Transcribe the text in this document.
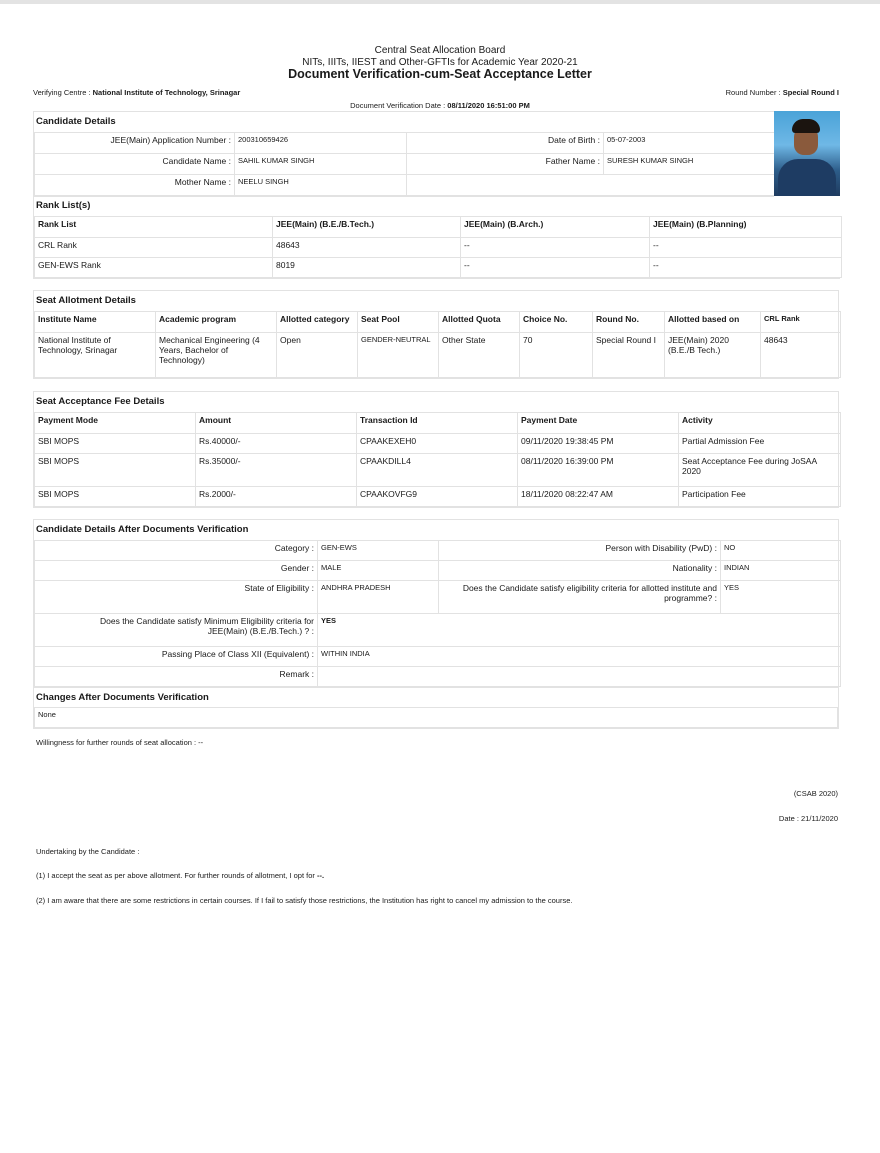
Central Seat Allocation Board
NITs, IIITs, IIEST and Other-GFTIs for Academic Year 2020-21
Document Verification-cum-Seat Acceptance Letter
Verifying Centre : National Institute of Technology, Srinagar	Round Number : Special Round I
Document Verification Date : 08/11/2020 16:51:00 PM
Candidate Details
JEE(Main) Application Number :	200310659426	Date of Birth :	05-07-2003
Candidate Name :	SAHIL KUMAR SINGH	Father Name :	SURESH KUMAR SINGH
Mother Name :	NEELU SINGH		
Rank List(s)
Rank List	JEE(Main) (B.E./B.Tech.)	JEE(Main) (B.Arch.)	JEE(Main) (B.Planning)
CRL Rank	48643	--	--
GEN-EWS Rank	8019	--	--
Seat Allotment Details
Institute Name	Academic program	Allotted category	Seat Pool	Allotted Quota	Choice No.	Round No.	Allotted based on	CRL Rank
National Institute of Technology, Srinagar	Mechanical Engineering (4 Years, Bachelor of Technology)	Open	GENDER-NEUTRAL	Other State	70	Special Round I	JEE(Main) 2020 (B.E./B Tech.)	48643
Seat Acceptance Fee Details
Payment Mode	Amount	Transaction Id	Payment Date	Activity
SBI MOPS	Rs.40000/-	CPAAKEXEH0	09/11/2020 19:38:45 PM	Partial Admission Fee
SBI MOPS	Rs.35000/-	CPAAKDILL4	08/11/2020 16:39:00 PM	Seat Acceptance Fee during JoSAA 2020
SBI MOPS	Rs.2000/-	CPAAKOVFG9	18/11/2020 08:22:47 AM	Participation Fee
Candidate Details After Documents Verification
Category :	GEN-EWS	Person with Disability (PwD) :	NO
Gender :	MALE	Nationality :	INDIAN
State of Eligibility :	ANDHRA PRADESH	Does the Candidate satisfy eligibility criteria for allotted institute and programme? :	YES
Does the Candidate satisfy Minimum Eligibility criteria for JEE(Main) (B.E./B.Tech.) ? :	YES		
Passing Place of Class XII (Equivalent) :	WITHIN INDIA		
Remark :			
Changes After Documents Verification
None
Willingness for further rounds of seat allocation : --
(CSAB 2020)
Date : 21/11/2020
Undertaking by the Candidate :
(1) I accept the seat as per above allotment. For further rounds of allotment, I opt for --.
(2) I am aware that there are some restrictions in certain courses. If I fail to satisfy those restrictions, the Institution has right to cancel my admission to the course.
